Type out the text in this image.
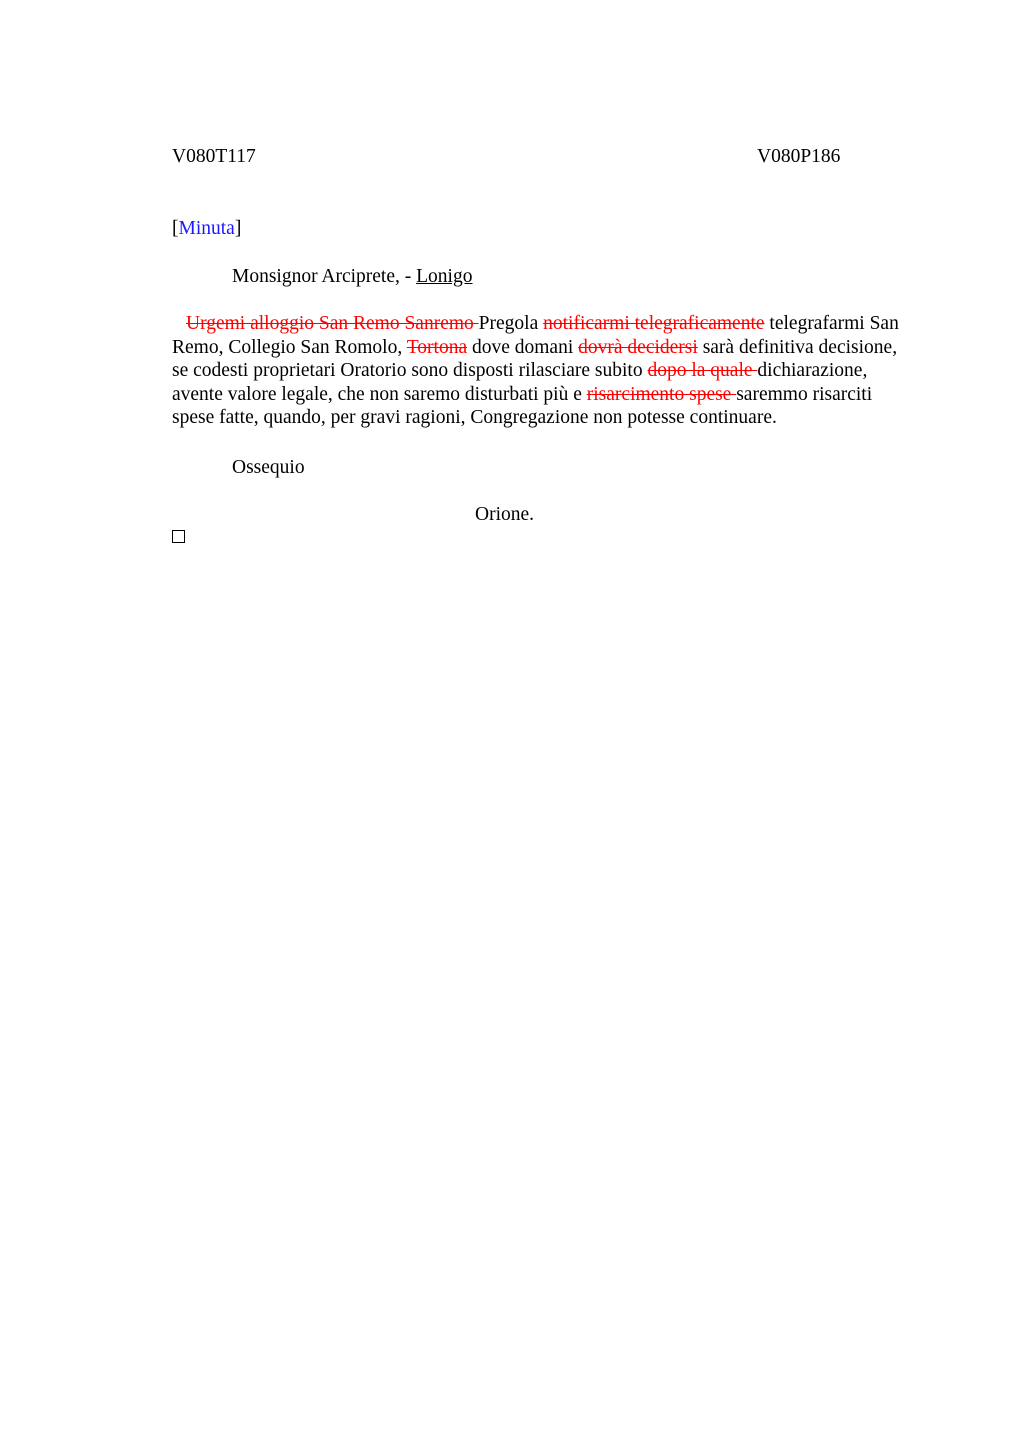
V080T117	V080P186
[Minuta]
Monsignor Arciprete, - Lonigo
Urgemi alloggio San Remo Sanremo Pregola notificarmi telegraficamente telegrafarmi San Remo, Collegio San Romolo, Tortona dove domani dovrà decidersi sarà definitiva decisione, se codesti proprietari Oratorio sono disposti rilasciare subito dopo la quale dichiarazione, avente valore legale, che non saremo disturbati più e risarcimento spese saremmo risarciti spese fatte, quando, per gravi ragioni, Congregazione non potesse continuare.
Ossequio
Orione.
